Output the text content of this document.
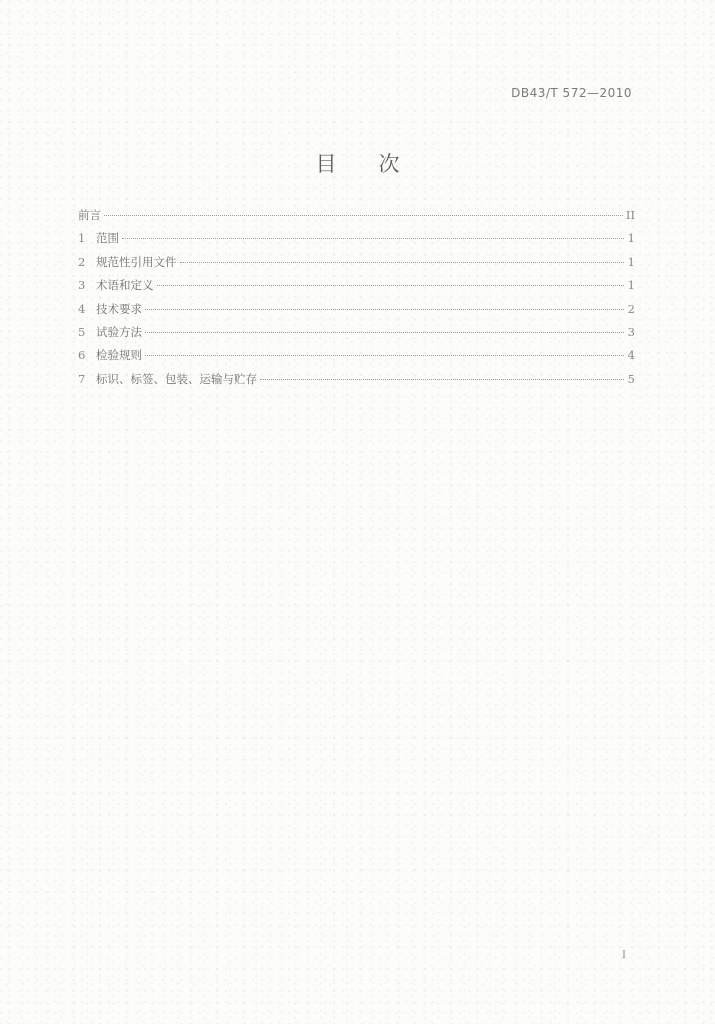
DB43/T 572—2010
目次
前言	II
1 范围	1
2 规范性引用文件	1
3 术语和定义	1
4 技术要求	2
5 试验方法	3
6 检验规则	4
7 标识、标签、包装、运输与贮存	5
I
